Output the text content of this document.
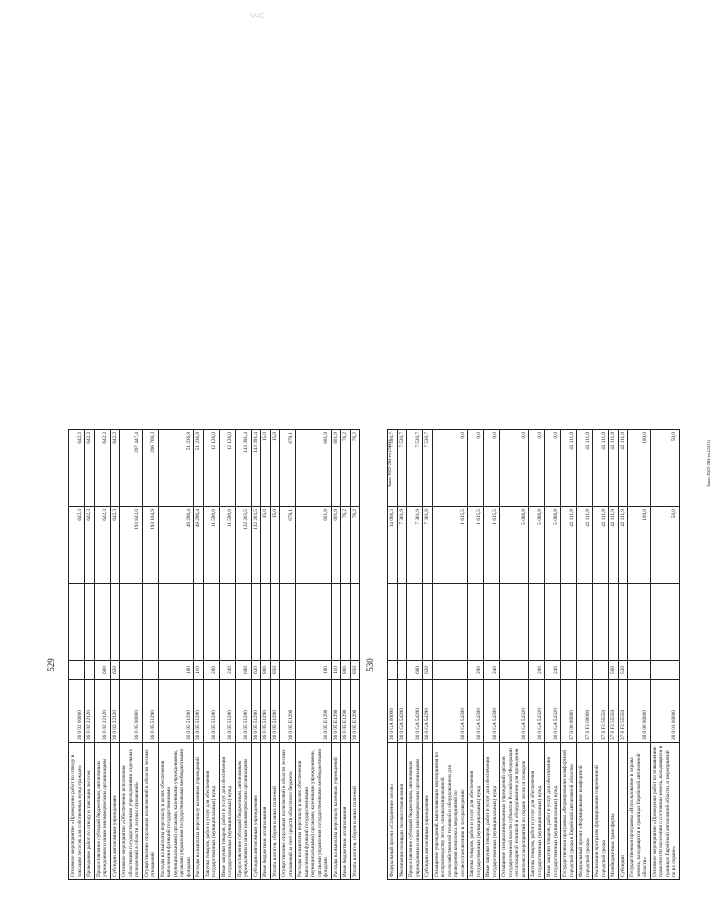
ЧЧС
529
Основное мероприятие «Проведение работ по отводу и таксации лесосек для собственных нужд граждан»	36 0 02 00000			642,3	642,3
Проведение работ по отводу и таксации лесосек	36 0 02 22120			642,3	642,3
Предоставление субсидий бюджетным, автономным учреждениям и иным некоммерческим организациям	36 0 02 22120	600		642,3	642,3
Субсидии автономным учреждениям	36 0 02 22120	620		642,3	642,3
Основное мероприятие «Обеспечение исполнения областными государственными учреждениями отдельных полномочий в области лесных отношений»	36 0 05 00000			193 843,0	207 447,4
Осуществление отдельных полномочий в области лесных отношений	36 0 05 51290			193 164,9	206 769,3
Расходы на выплаты персоналу в целях обеспечения выполнения функций государственными (муниципальными) органами, казенными учреждениями, органами управления государственными внебюджетными фондами	36 0 05 51290	100		49 296,4	51 236,9
Расходы на выплаты персоналу казенных учреждений	36 0 05 51290	110		49 296,4	51 236,9
Закупка товаров, работ и услуг для обеспечения государственных (муниципальных) нужд	36 0 05 51290	200		11 590,0	12 126,0
Иные закупки товаров, работ и услуг для обеспечения государственных (муниципальных) нужд	36 0 05 51290	240		11 590,0	12 126,0
Предоставление субсидий бюджетным, автономным учреждениям и иным некоммерческим организациям	36 0 05 51290	600		132 263,5	143 391,4
Субсидии автономным учреждениям	36 0 05 51290	620		132 263,5	143 391,4
Иные бюджетные ассигнования	36 0 05 51290	800		15,0	15,0
Уплата налогов, сборов и иных платежей	36 0 05 51290	850		15,0	15,0
Осуществление отдельных полномочий в области лесных отношений за счет средств областного бюджета	36 0 05 Е1290			678,1	678,1
Расходы на выплаты персоналу в целях обеспечения выполнения функций государственными (муниципальными) органами, казенными учреждениями, органами управления государственными внебюджетными фондами	36 0 05 Е1290	100		601,9	601,9
Расходы на выплаты персоналу казенных учреждений	36 0 05 Е1290	110		601,9	601,9
Иные бюджетные ассигнования	36 0 05 Е1290	800		76,2	76,2
Уплата налогов, сборов и иных платежей	36 0 05 Е1290	850		76,2	76,2
Заказ 2022-284-ех.(2411)
530
Федеральный проект «Сохранение лесов»	36 0 GA 00000			14 066,3	7 530,7
Увеличение площади лесовосстановления	36 0 GA 54290			7 361,9	7 530,7
Предоставление субсидий бюджетным, автономным учреждениям и иным некоммерческим организациям	36 0 GA 54290	600		7 361,9	7 530,7
Субсидии автономным учреждениям	36 0 GA 54290	620		7 361,9	7 530,7
Оснащение учреждений, выполняющих мероприятия по воспроизводству лесов, специализированной лесохозяйственной техникой и оборудованием для проведения комплекса мероприятий по лесовосстановлению и лесоразведению	36 0 GA 54300			1 615,5	0,0
Закупка товаров, работ и услуг для обеспечения государственных (муниципальных) нужд	36 0 GA 54300	200		1 615,5	0,0
Иные закупки товаров, работ и услуг для обеспечения государственных (муниципальных) нужд	36 0 GA 54300	240		1 615,5	0,0
Оснащение специализированных учреждений органов государственной власти субъектов Российской Федерации лесопожарной техникой и оборудованием для проведения комплекса мероприятий по охране лесов от пожаров	36 0 GA 54320			5 088,9	0,0
Закупка товаров, работ и услуг для обеспечения государственных (муниципальных) нужд	36 0 GA 54320	200		5 088,9	0,0
Иные закупки товаров, работ и услуг для обеспечения государственных (муниципальных) нужд	36 0 GA 54320	240		5 088,9	0,0
Государственная программа «Формирование комфортной городской среды в Еврейской автономной области»	37 0 00 00000			42 111,9	42 111,9
Федеральный проект «Формирование комфортной городской среды»	37 0 F2 00000			42 111,9	42 111,9
Реализация программ формирования современной городской среды	37 0 F2 55550			42 111,9	42 111,9
Межбюджетные трансферты	37 0 F2 55550	500		42 111,9	42 111,9
Субсидии	37 0 F2 55550	520		42 111,9	42 111,9
Государственная программа «Использование и охрана земель, находящихся в границах Еврейской автономной области»	38 0 00 00000			100,0	100,0
Основное мероприятие «Проведение работ по повышению грамотности населения о состоянии земель, находящихся в границах Еврейской автономной области, и мероприятий по их охране»	38 0 01 00000			50,0	50,0
Заказ 2022-284-ех.(2411)
